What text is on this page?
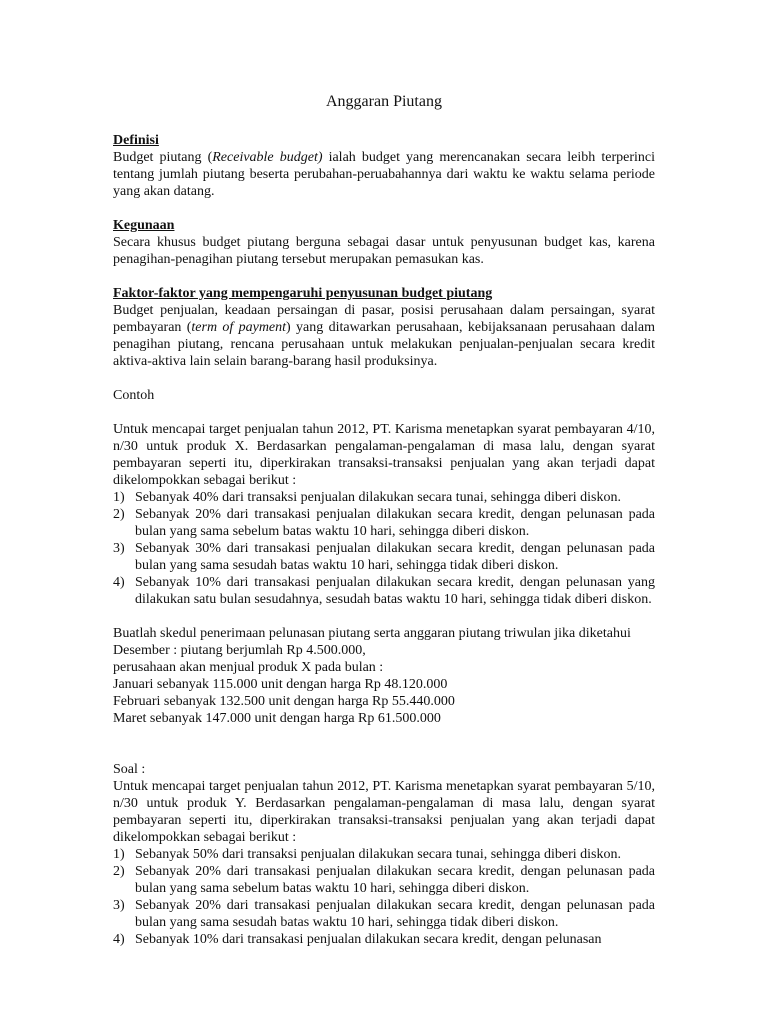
Anggaran Piutang
Definisi

Budget piutang (Receivable budget) ialah budget yang merencanakan secara leibh terperinci tentang jumlah piutang beserta perubahan-peruabahannya dari waktu ke waktu selama periode yang akan datang.

Kegunaan

Secara khusus budget piutang berguna sebagai dasar untuk penyusunan budget kas, karena penagihan-penagihan piutang tersebut merupakan pemasukan kas.

Faktor-faktor yang mempengaruhi penyusunan budget piutang

Budget penjualan, keadaan persaingan di pasar, posisi perusahaan dalam persaingan, syarat pembayaran (term of payment) yang ditawarkan perusahaan, kebijaksanaan perusahaan dalam penagihan piutang, rencana perusahaan untuk melakukan penjualan-penjualan secara kredit aktiva-aktiva lain selain barang-barang hasil produksinya.

Contoh

Untuk mencapai target penjualan tahun 2012, PT. Karisma menetapkan syarat pembayaran 4/10, n/30 untuk produk X. Berdasarkan pengalaman-pengalaman di masa lalu, dengan syarat pembayaran seperti itu, diperkirakan transaksi-transaksi penjualan yang akan terjadi dapat dikelompokkan sebagai berikut :

1) Sebanyak 40% dari transaksi penjualan dilakukan secara tunai, sehingga diberi diskon.
2) Sebanyak 20% dari transakasi penjualan dilakukan secara kredit, dengan pelunasan pada bulan yang sama sebelum batas waktu 10 hari, sehingga diberi diskon.
3) Sebanyak 30% dari transakasi penjualan dilakukan secara kredit, dengan pelunasan pada bulan yang sama sesudah batas waktu 10 hari, sehingga tidak diberi diskon.
4) Sebanyak 10% dari transakasi penjualan dilakukan secara kredit, dengan pelunasan yang dilakukan satu bulan sesudahnya, sesudah batas waktu 10 hari, sehingga tidak diberi diskon.

Buatlah skedul penerimaan pelunasan piutang serta anggaran piutang triwulan jika diketahui

Desember : piutang berjumlah Rp 4.500.000,
perusahaan akan menjual produk X pada bulan :
Januari sebanyak 115.000 unit dengan harga Rp 48.120.000
Februari sebanyak 132.500 unit dengan harga Rp 55.440.000
Maret sebanyak 147.000 unit dengan harga Rp 61.500.000

Soal :

Untuk mencapai target penjualan tahun 2012, PT. Karisma menetapkan syarat pembayaran 5/10, n/30 untuk produk Y. Berdasarkan pengalaman-pengalaman di masa lalu, dengan syarat pembayaran seperti itu, diperkirakan transaksi-transaksi penjualan yang akan terjadi dapat dikelompokkan sebagai berikut :

1) Sebanyak 50% dari transaksi penjualan dilakukan secara tunai, sehingga diberi diskon.
2) Sebanyak 20% dari transakasi penjualan dilakukan secara kredit, dengan pelunasan pada bulan yang sama sebelum batas waktu 10 hari, sehingga diberi diskon.
3) Sebanyak 20% dari transakasi penjualan dilakukan secara kredit, dengan pelunasan pada bulan yang sama sesudah batas waktu 10 hari, sehingga tidak diberi diskon.
4) Sebanyak 10% dari transakasi penjualan dilakukan secara kredit, dengan pelunasan
